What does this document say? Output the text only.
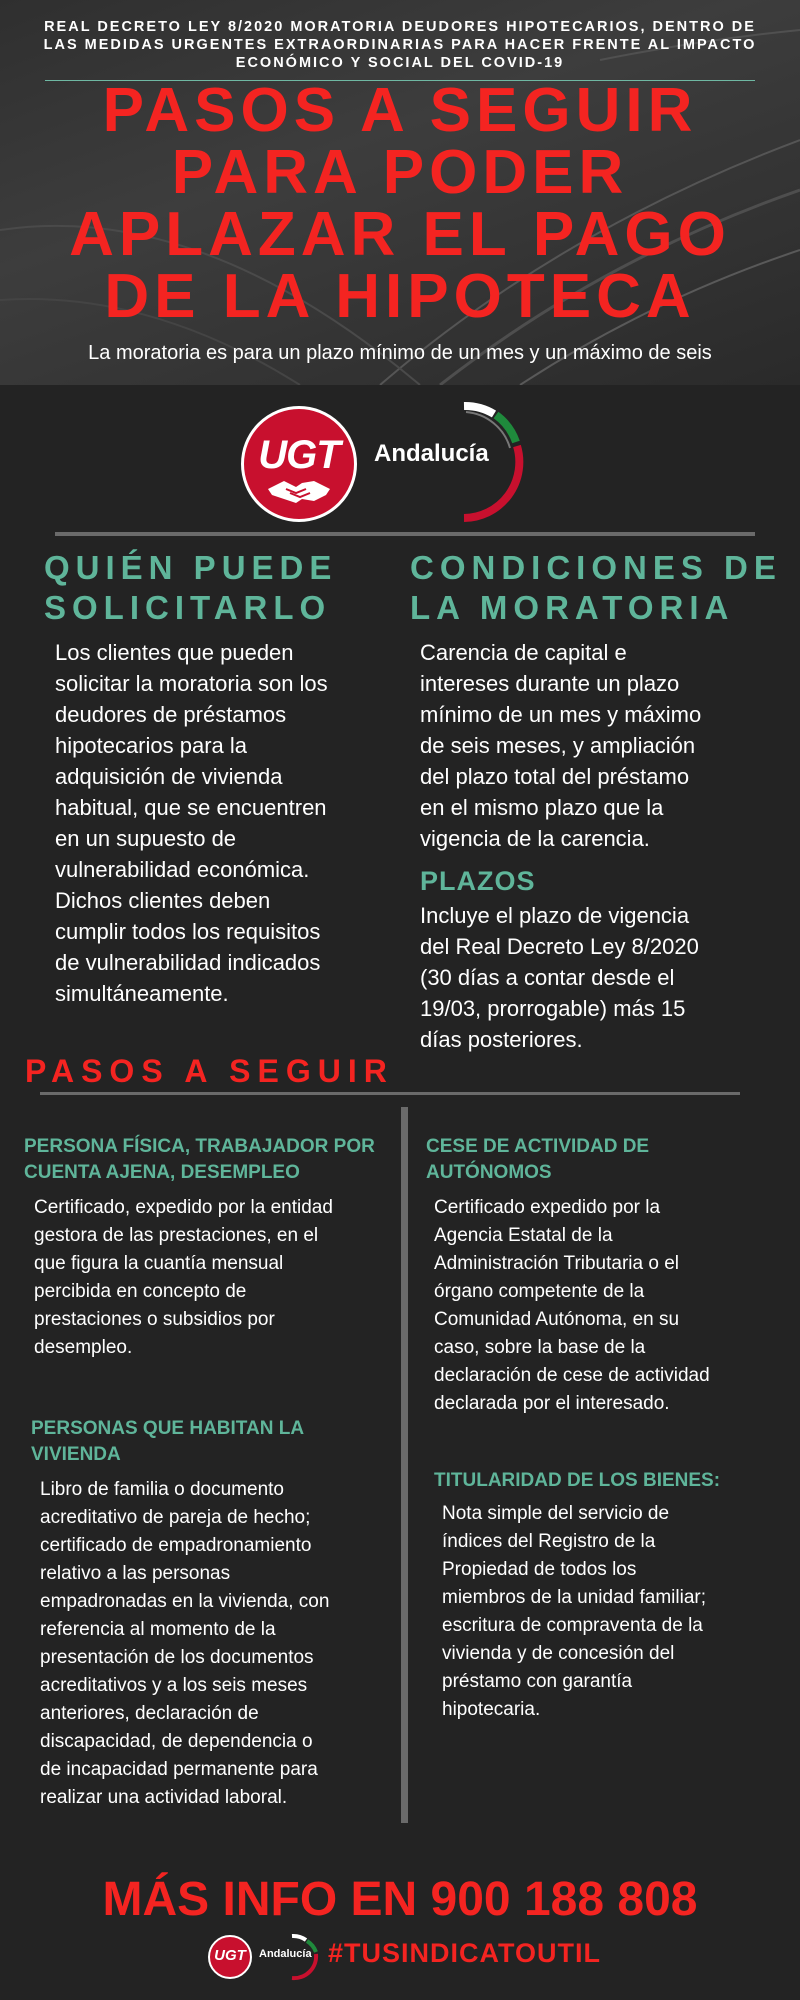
REAL DECRETO LEY 8/2020 MORATORIA DEUDORES HIPOTECARIOS, DENTRO DE LAS MEDIDAS URGENTES EXTRAORDINARIAS PARA HACER FRENTE AL IMPACTO ECONÓMICO Y SOCIAL DEL COVID-19
PASOS A SEGUIR
PARA PODER
APLAZAR EL PAGO
DE LA HIPOTECA
La moratoria es para un plazo mínimo de un mes y un máximo de seis
UGT	Andalucía
QUIÉN PUEDE
SOLICITARLO
Los clientes que pueden
solicitar la moratoria son los
deudores de préstamos
hipotecarios para la
adquisición de vivienda
habitual, que se encuentren
en un supuesto de
vulnerabilidad económica.
Dichos clientes deben
cumplir todos los requisitos
de vulnerabilidad indicados
simultáneamente.
CONDICIONES DE
LA MORATORIA
Carencia de capital e
intereses durante un plazo
mínimo de un mes y máximo
de seis meses, y ampliación
del plazo total del préstamo
en el mismo plazo que la
vigencia de la carencia.
PLAZOS
Incluye el plazo de vigencia
del Real Decreto Ley 8/2020
(30 días a contar desde el
19/03, prorrogable) más 15
días posteriores.
PASOS A SEGUIR
PERSONA FÍSICA, TRABAJADOR POR
CUENTA AJENA, DESEMPLEO
Certificado, expedido por la entidad
gestora de las prestaciones, en el
que figura la cuantía mensual
percibida en concepto de
prestaciones o subsidios por
desempleo.
CESE DE ACTIVIDAD DE
AUTÓNOMOS
Certificado expedido por la
Agencia Estatal de la
Administración Tributaria o el
órgano competente de la
Comunidad Autónoma, en su
caso, sobre la base de la
declaración de cese de actividad
declarada por el interesado.
PERSONAS QUE HABITAN LA
VIVIENDA
Libro de familia o documento
acreditativo de pareja de hecho;
certificado de empadronamiento
relativo a las personas
empadronadas en la vivienda, con
referencia al momento de la
presentación de los documentos
acreditativos y a los seis meses
anteriores, declaración de
discapacidad, de dependencia o
de incapacidad permanente para
realizar una actividad laboral.
TITULARIDAD DE LOS BIENES:
Nota simple del servicio de
índices del Registro de la
Propiedad de todos los
miembros de la unidad familiar;
escritura de compraventa de la
vivienda y de concesión del
préstamo con garantía
hipotecaria.
MÁS INFO EN 900 188 808
UGT	Andalucía #TUSINDICATOUTIL
